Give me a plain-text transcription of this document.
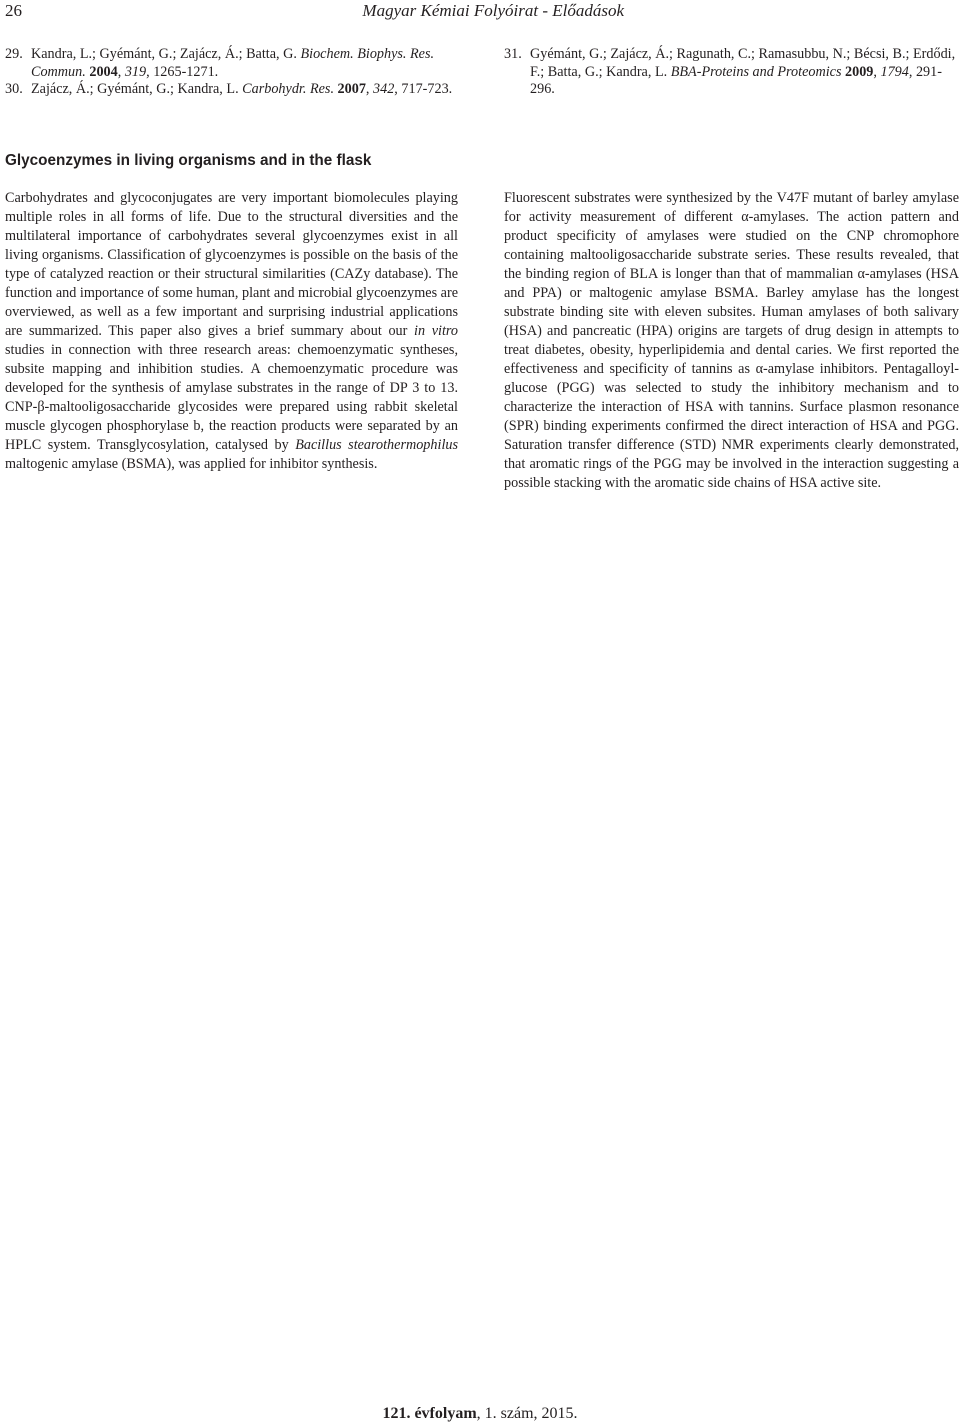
26	Magyar Kémiai Folyóirat - Előadások

29. Kandra, L.; Gyémánt, G.; Zajácz, Á.; Batta, G. Biochem. Biophys. Res. Commun. 2004, 319, 1265-1271.

30. Zajácz, Á.; Gyémánt, G.; Kandra, L. Carbohydr. Res. 2007, 342, 717-723.

31. Gyémánt, G.; Zajácz, Á.; Ragunath, C.; Ramasubbu, N.; Bécsi, B.; Erdődi, F.; Batta, G.; Kandra, L. BBA-Proteins and Proteomics 2009, 1794, 291-296.

Glycoenzymes in living organisms and in the flask

Carbohydrates and glycoconjugates are very important biomolecules playing multiple roles in all forms of life. Due to the structural diversities and the multilateral importance of carbohydrates several glycoenzymes exist in all living organisms. Classification of glycoenzymes is possible on the basis of the type of catalyzed reaction or their structural similarities (CAZy database). The function and importance of some human, plant and microbial glycoenzymes are overviewed, as well as a few important and surprising industrial applications are summarized. This paper also gives a brief summary about our in vitro studies in connection with three research areas: chemoenzymatic syntheses, subsite mapping and inhibition studies. A chemoenzymatic procedure was developed for the synthesis of amylase substrates in the range of DP 3 to 13. CNP-β-maltooligosaccharide glycosides were prepared using rabbit skeletal muscle glycogen phosphorylase b, the reaction products were separated by an HPLC system. Transglycosylation, catalysed by Bacillus stearothermophilus maltogenic amylase (BSMA), was applied for inhibitor synthesis.

Fluorescent substrates were synthesized by the V47F mutant of barley amylase for activity measurement of different α-amylases. The action pattern and product specificity of amylases were studied on the CNP chromophore containing maltooligosaccharide substrate series. These results revealed, that the binding region of BLA is longer than that of mammalian α-amylases (HSA and PPA) or maltogenic amylase BSMA. Barley amylase has the longest substrate binding site with eleven subsites. Human amylases of both salivary (HSA) and pancreatic (HPA) origins are targets of drug design in attempts to treat diabetes, obesity, hyperlipidemia and dental caries. We first reported the effectiveness and specificity of tannins as α-amylase inhibitors. Pentagalloyl-glucose (PGG) was selected to study the inhibitory mechanism and to characterize the interaction of HSA with tannins. Surface plasmon resonance (SPR) binding experiments confirmed the direct interaction of HSA and PGG. Saturation transfer difference (STD) NMR experiments clearly demonstrated, that aromatic rings of the PGG may be involved in the interaction suggesting a possible stacking with the aromatic side chains of HSA active site.

121. évfolyam, 1. szám, 2015.
